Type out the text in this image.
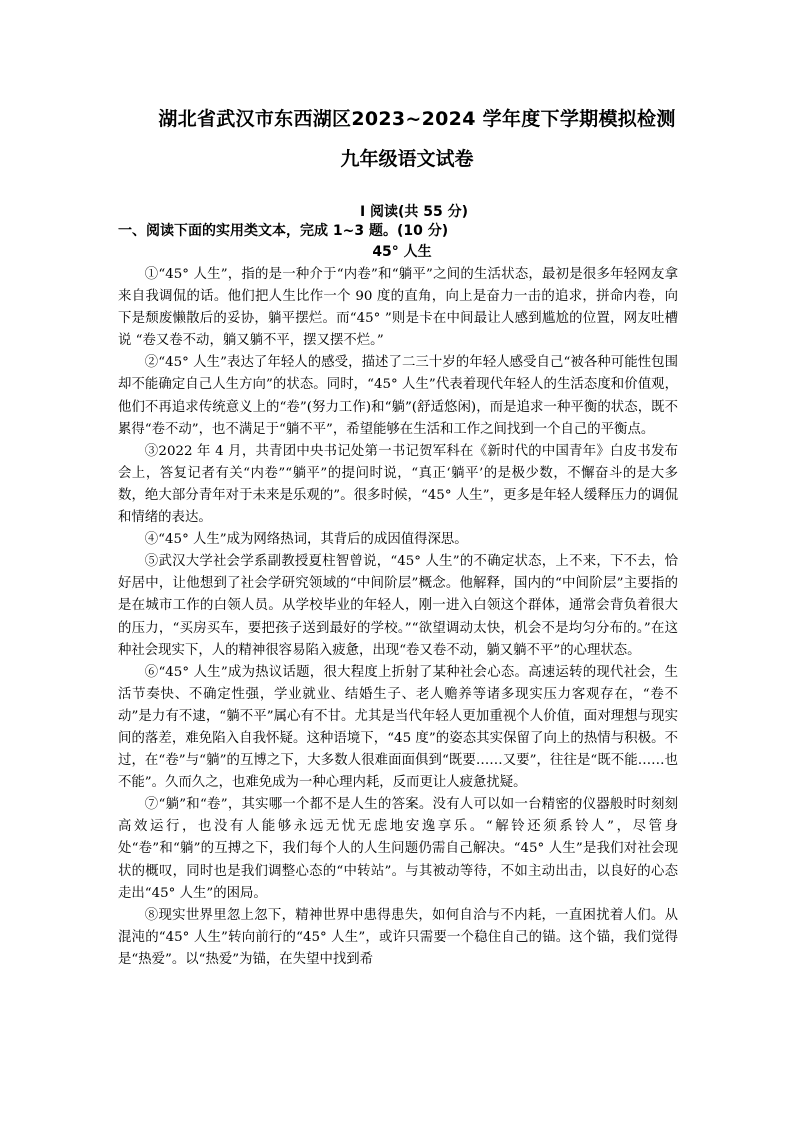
湖北省武汉市东西湖区2023~2024 学年度下学期模拟检测
九年级语文试卷
Ⅰ 阅读(共 55 分)
一、阅读下面的实用类文本，完成 1~3 题。(10 分)
45° 人生

①“45° 人生”，指的是一种介于“内卷”和“躺平”之间的生活状态，最初是很多年轻网友拿来自我调侃的话。他们把人生比作一个 90 度的直角，向上是奋力一击的追求，拼命内卷，向下是颓废懒散后的妥协，躺平摆烂。而“45° ”则是卡在中间最让人感到尴尬的位置，网友吐槽说 “卷又卷不动，躺又躺不平，摆又摆不烂。”

②“45° 人生”表达了年轻人的感受，描述了二三十岁的年轻人感受自己“被各种可能性包围却不能确定自己人生方向”的状态。同时，“45° 人生”代表着现代年轻人的生活态度和价值观，他们不再追求传统意义上的“卷”(努力工作)和“躺”(舒适悠闲)，而是追求一种平衡的状态，既不累得“卷不动”，也不满足于“躺不平”，希望能够在生活和工作之间找到一个自己的平衡点。

③2022 年 4 月，共青团中央书记处第一书记贺军科在《新时代的中国青年》白皮书发布会上，答复记者有关“内卷”“躺平”的提问时说，“真正‘躺平’的是极少数，不懈奋斗的是大多数，绝大部分青年对于未来是乐观的”。很多时候，“45° 人生”，更多是年轻人缓释压力的调侃和情绪的表达。

④“45° 人生”成为网络热词，其背后的成因值得深思。

⑤武汉大学社会学系副教授夏柱智曾说，“45° 人生”的不确定状态，上不来，下不去，恰好居中，让他想到了社会学研究领域的“中间阶层”概念。他解释，国内的“中间阶层”主要指的是在城市工作的白领人员。从学校毕业的年轻人，刚一进入白领这个群体，通常会背负着很大的压力，“买房买车，要把孩子送到最好的学校。”“欲望调动太快，机会不是均匀分布的。”在这种社会现实下，人的精神很容易陷入疲惫，出现“卷又卷不动，躺又躺不平”的心理状态。

⑥“45° 人生”成为热议话题，很大程度上折射了某种社会心态。高速运转的现代社会，生活节奏快、不确定性强，学业就业、结婚生子、老人赡养等诸多现实压力客观存在，“卷不动”是力有不逮，“躺不平”属心有不甘。尤其是当代年轻人更加重视个人价值，面对理想与现实间的落差，难免陷入自我怀疑。这种语境下，“45 度”的姿态其实保留了向上的热情与积极。不过，在“卷”与“躺”的互博之下，大多数人很难面面俱到“既要……又要”，往往是“既不能……也不能”。久而久之，也难免成为一种心理内耗，反而更让人疲惫扰疑。

⑦“躺”和“卷”，其实哪一个都不是人生的答案。没有人可以如一台精密的仪器般时时刻刻高效运行，也没有人能够永远无忧无虑地安逸享乐。“解铃还须系铃人”，尽管身处“卷”和“躺”的互搏之下，我们每个人的人生问题仍需自己解决。“45° 人生”是我们对社会现状的概叹，同时也是我们调整心态的“中转站”。与其被动等待，不如主动出击，以良好的心态走出“45° 人生”的困局。

⑧现实世界里忽上忽下，精神世界中患得患失，如何自洽与不内耗，一直困扰着人们。从混沌的“45° 人生”转向前行的“45° 人生”，或许只需要一个稳住自己的锚。这个锚，我们觉得是“热爱”。以“热爱”为锚，在失望中找到希
